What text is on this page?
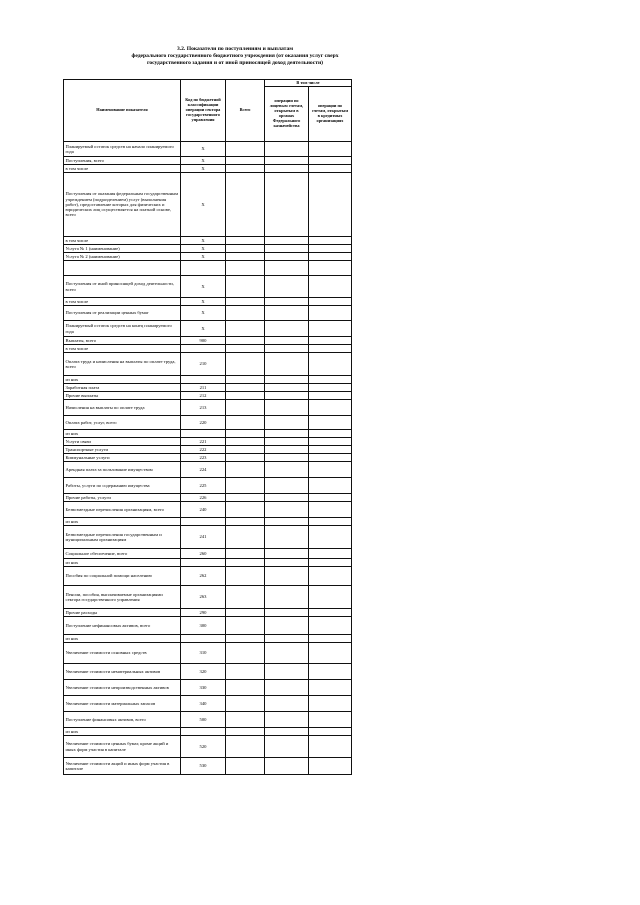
3.2. Показатели по поступлениям и выплатам
федерального государственного бюджетного учреждения (от оказания услуг сверх
государственного задания и от иной приносящей доход деятельности)
Наименование показателя	Код по бюджетной классификации операции сектора государственного управления	Всего	В том числе	
			операции по лицевым счетам, открытым в органах Федерального казначейства	операции по счетам, открытым в кредитных организациях
Планируемый остаток средств на начало планируемого года	X			
Поступления, всего	X			
в том числе	X			
Поступления от оказания федеральным государственным учреждением (подразделением) услуг (выполнения работ), предоставление которых для физических и юридических лиц осуществляется на платной основе, всего	X			
в том числе	X			
Услуга № 1 (наименование)	X			
Услуга № 2 (наименование)	X			

Поступления от иной приносящей доход деятельности, всего	X			
в том числе	X			
Поступления от реализации ценных бумаг	X			
Планируемый остаток средств на конец планируемого года	X			
Выплаты, всего	900			
в том числе				
Оплата труда и начисления на выплаты по оплате труда, всего	210			
из них				
Заработная плата	211			
Прочие выплаты	212			
Начисления на выплаты по оплате труда	213			
Оплата работ, услуг, всего	220			
из них				
Услуги связи	221			
Транспортные услуги	222			
Коммунальные услуги	223			
Арендная плата за пользование имуществом	224			
Работы, услуги по содержанию имущества	225			
Прочие работы, услуги	226			
Безвозмездные перечисления организациям, всего	240			
из них				
Безвозмездные перечисления государственным и муниципальным организациям	241			
Социальное обеспечение, всего	260			
из них				
Пособия по социальной помощи населению	262			
Пенсии, пособия, выплачиваемые организациями сектора государственного управления	263			
Прочие расходы	290			
Поступление нефинансовых активов, всего	300			
из них				
Увеличение стоимости основных средств	310			
Увеличение стоимости нематериальных активов	320			
Увеличение стоимости непроизводственных активов	330			
Увеличение стоимости материальных запасов	340			
Поступление финансовых активов, всего	500			
из них				
Увеличение стоимости ценных бумаг, кроме акций и иных форм участия в капитале	520			
Увеличение стоимости акций и иных форм участия в капитале	530			
